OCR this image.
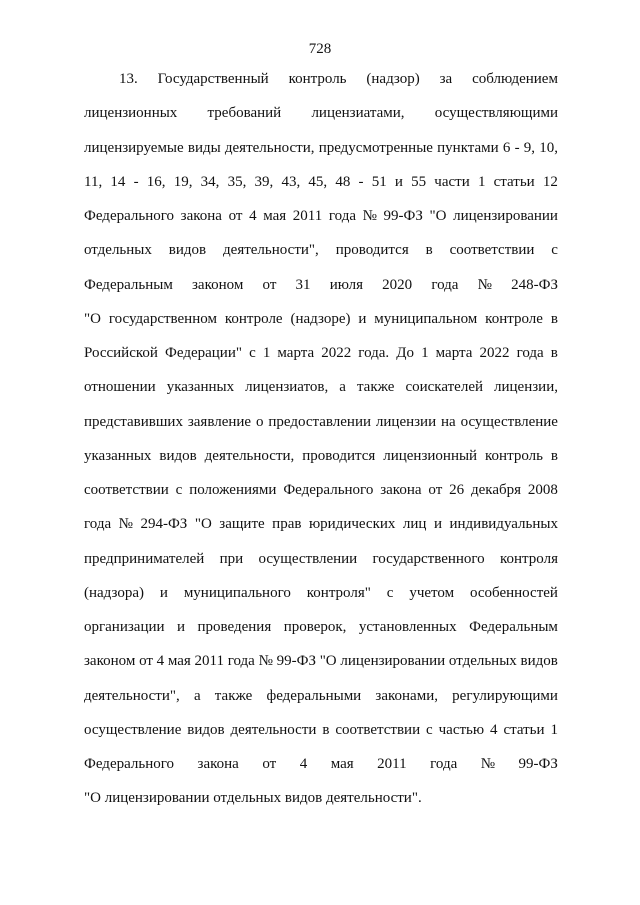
728
13. Государственный контроль (надзор) за соблюдением
лицензионных требований лицензиатами, осуществляющими
лицензируемые виды деятельности, предусмотренные пунктами 6 - 9, 10,
11, 14 - 16, 19, 34, 35, 39, 43, 45, 48 - 51 и 55 части 1 статьи 12
Федерального закона от 4 мая 2011 года № 99-ФЗ "О лицензировании
отдельных видов деятельности", проводится в соответствии с
Федеральным законом от 31 июля 2020 года № 248-ФЗ
"О государственном контроле (надзоре) и муниципальном контроле в
Российской Федерации" с 1 марта 2022 года. До 1 марта 2022 года в
отношении указанных лицензиатов, а также соискателей лицензии,
представивших заявление о предоставлении лицензии на осуществление
указанных видов деятельности, проводится лицензионный контроль в
соответствии с положениями Федерального закона от 26 декабря 2008
года № 294-ФЗ "О защите прав юридических лиц и индивидуальных
предпринимателей при осуществлении государственного контроля
(надзора) и муниципального контроля" с учетом особенностей
организации и проведения проверок, установленных Федеральным
законом от 4 мая 2011 года № 99-ФЗ "О лицензировании отдельных видов
деятельности", а также федеральными законами, регулирующими
осуществление видов деятельности в соответствии с частью 4 статьи 1
Федерального закона от 4 мая 2011 года № 99-ФЗ
"О лицензировании отдельных видов деятельности".
